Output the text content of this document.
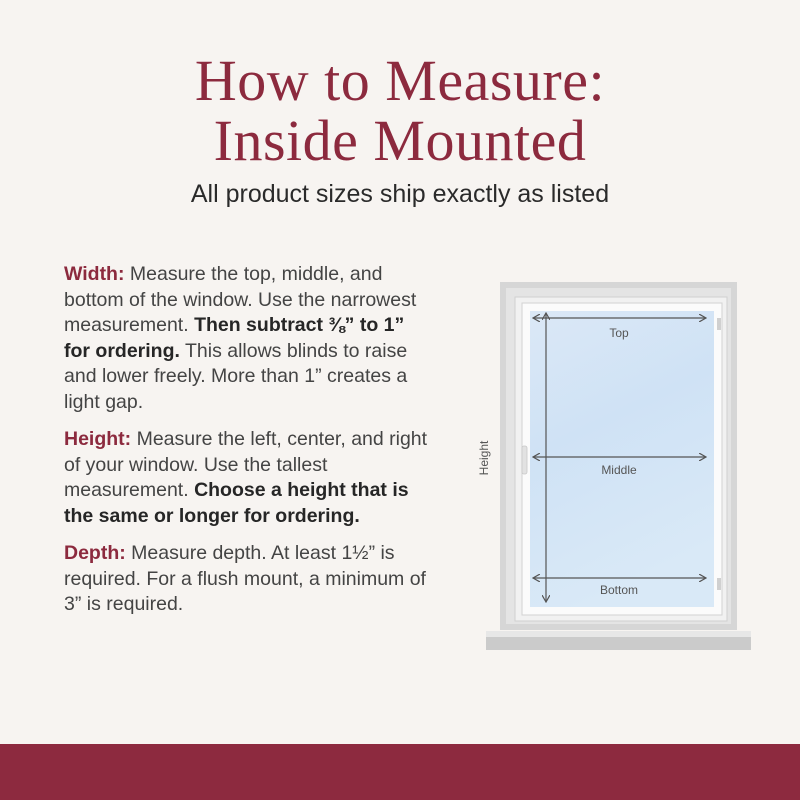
How to Measure:
Inside Mounted
All product sizes ship exactly as listed

Width: Measure the top, middle, and bottom of the window. Use the narrowest measurement. Then subtract ⅜” to 1” for ordering. This allows blinds to raise and lower freely. More than 1” creates a light gap.

Height: Measure the left, center, and right of your window. Use the tallest measurement. Choose a height that is the same or longer for ordering.

Depth: Measure depth. At least 1½” is required. For a flush mount, a minimum of 3” is required.

Top
Middle
Bottom
Height
